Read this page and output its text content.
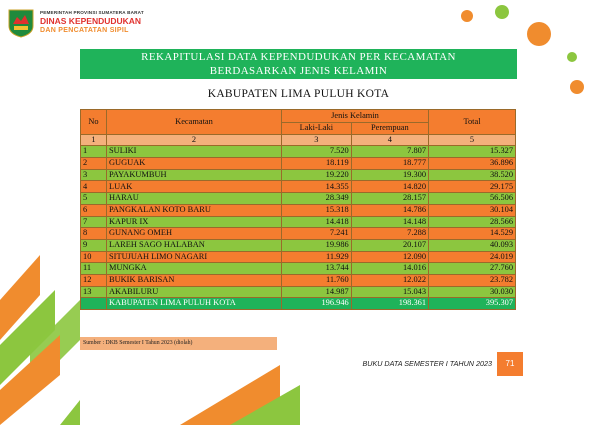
PEMERINTAH PROVINSI SUMATERA BARAT
DINAS KEPENDUDUKAN
DAN PENCATATAN SIPIL
REKAPITULASI DATA KEPENDUDUKAN PER KECAMATAN
BERDASARKAN JENIS KELAMIN
KABUPATEN LIMA PULUH KOTA
No	Kecamatan	Jenis Kelamin		Total
		Laki-Laki	Perempuan	
1	2	3	4	5
1	SULIKI	7.520	7.807	15.327
2	GUGUAK	18.119	18.777	36.896
3	PAYAKUMBUH	19.220	19.300	38.520
4	LUAK	14.355	14.820	29.175
5	HARAU	28.349	28.157	56.506
6	PANGKALAN KOTO BARU	15.318	14.786	30.104
7	KAPUR IX	14.418	14.148	28.566
8	GUNANG OMEH	7.241	7.288	14.529
9	LAREH SAGO HALABAN	19.986	20.107	40.093
10	SITUJUAH LIMO NAGARI	11.929	12.090	24.019
11	MUNGKA	13.744	14.016	27.760
12	BUKIK BARISAN	11.760	12.022	23.782
13	AKABILURU	14.987	15.043	30.030
	KABUPATEN LIMA PULUH KOTA	196.946	198.361	395.307
Sumber : DKB Semester I Tahun 2023 (diolah)
BUKU DATA SEMESTER I TAHUN 2023	71
